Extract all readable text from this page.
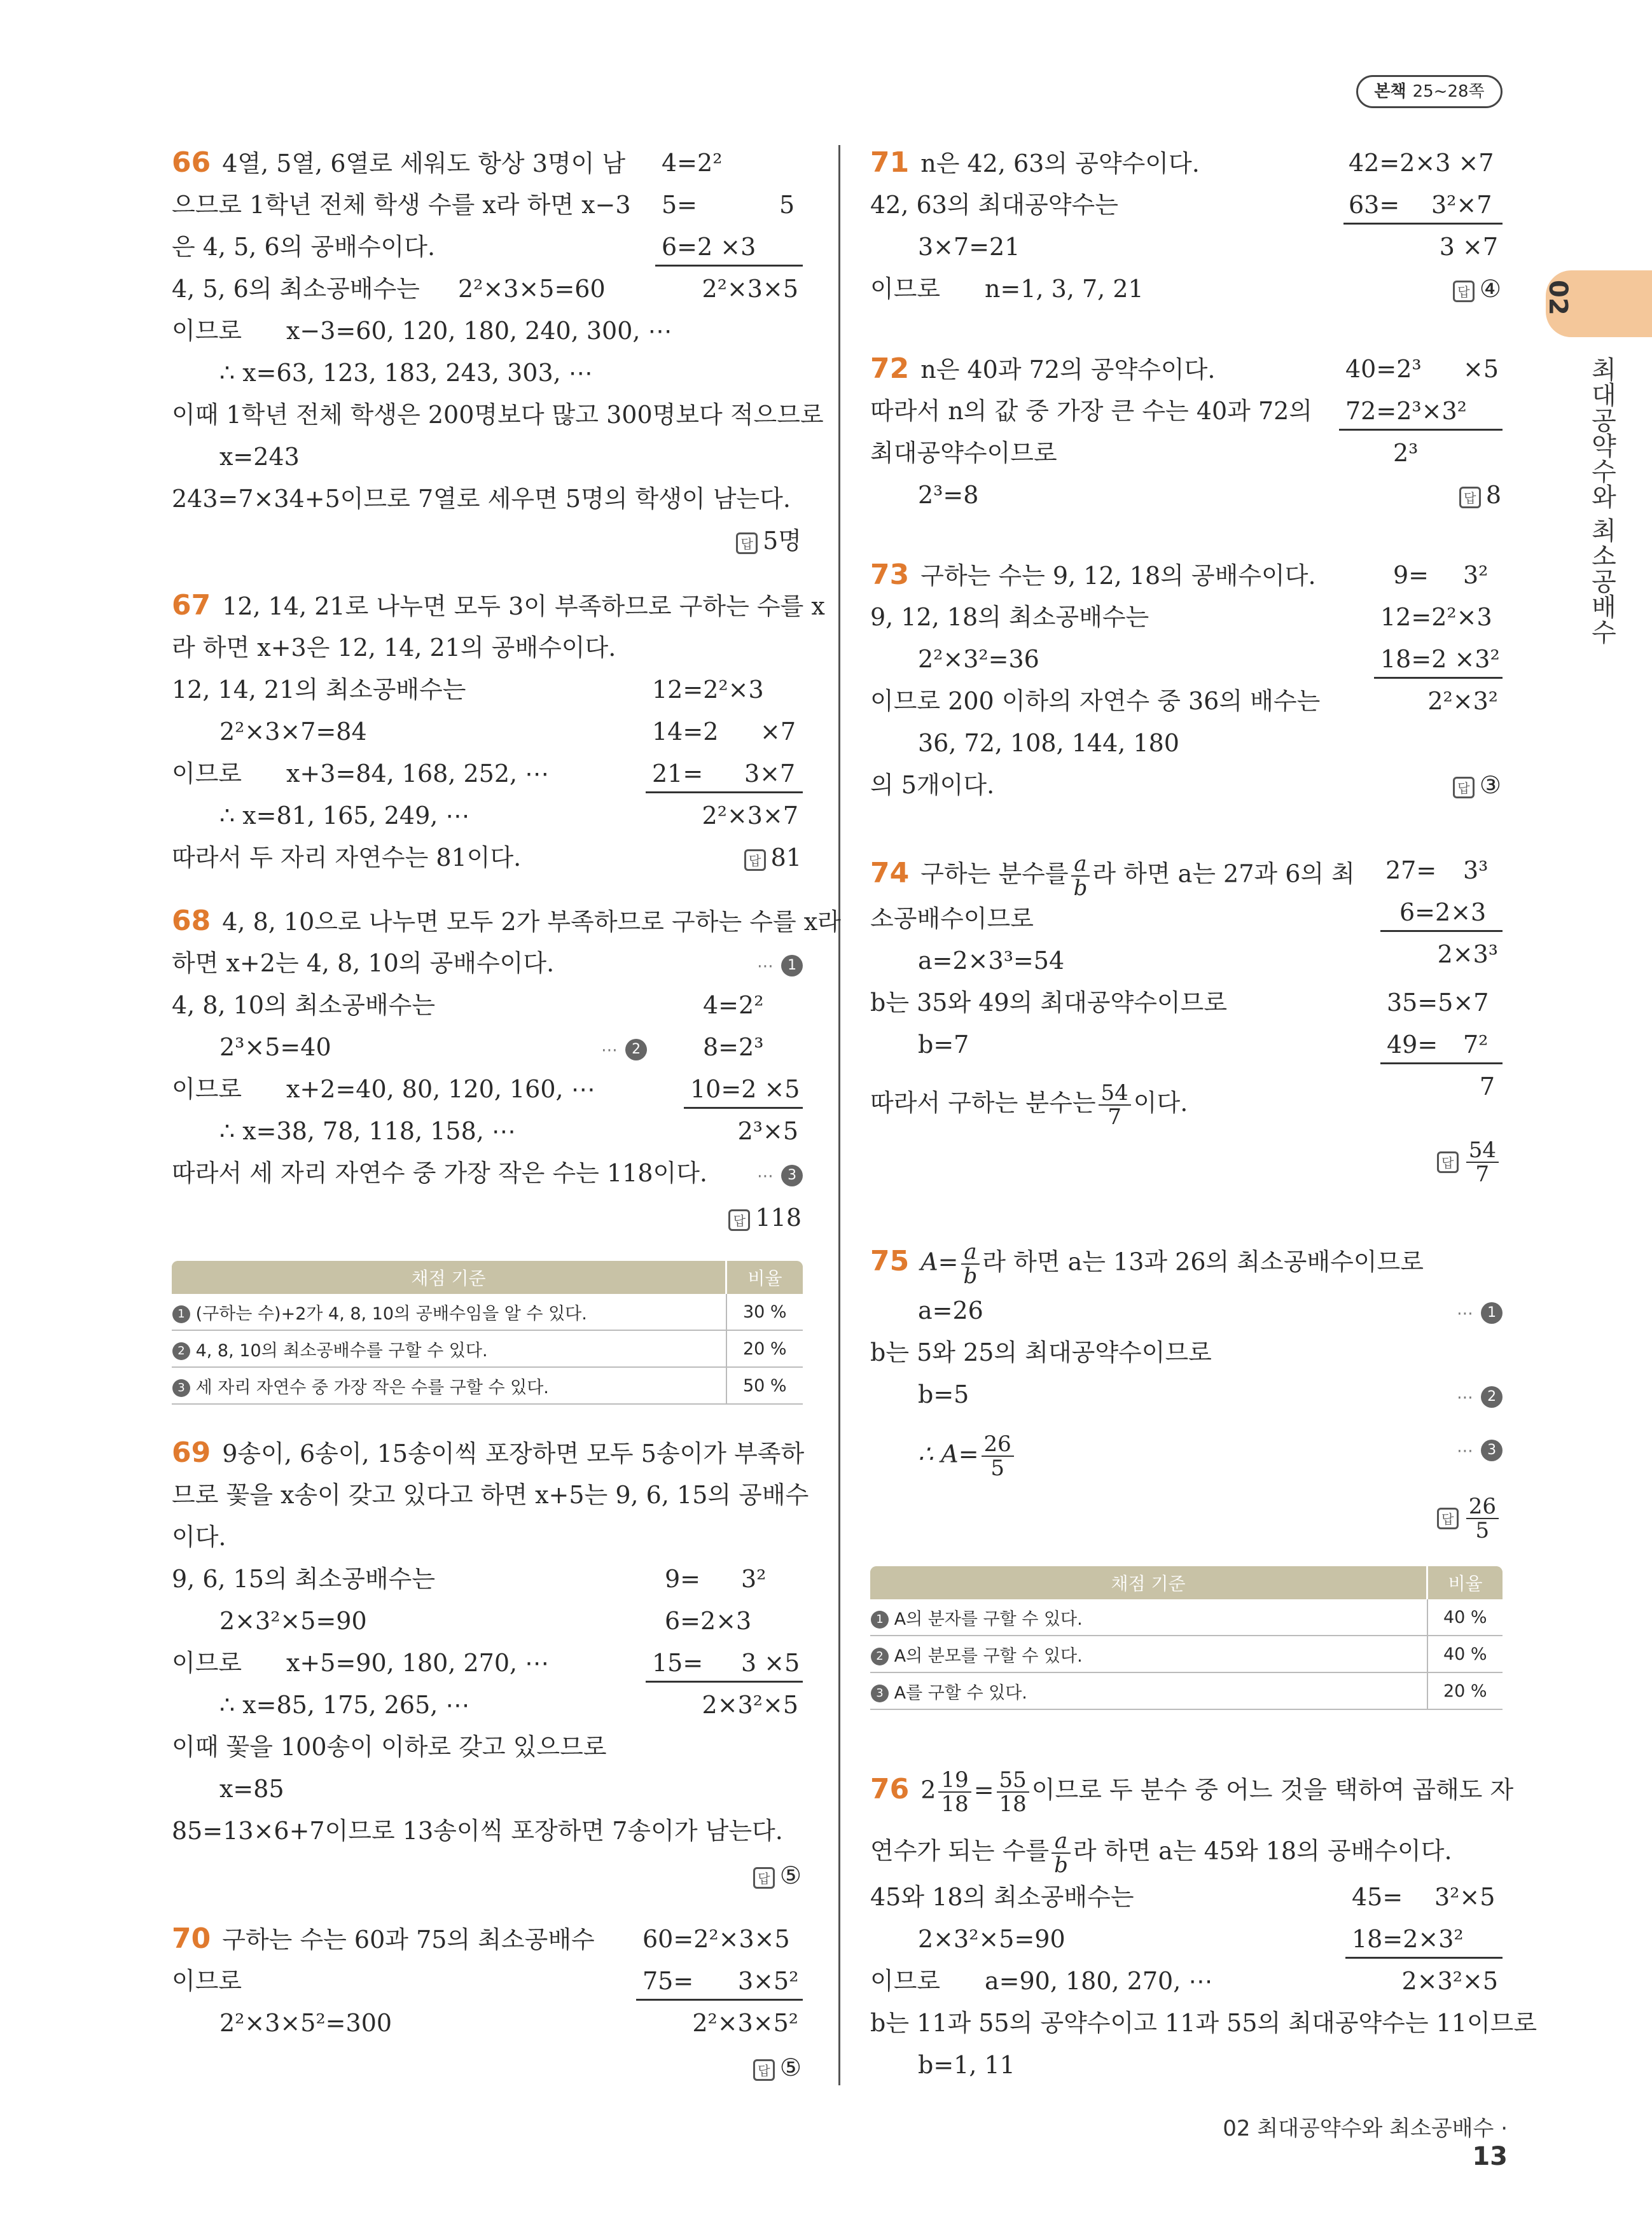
본책 25~28쪽
02
최대공약수와 최소공배수
66 4열, 5열, 6열로 세워도 항상 3명이 남
으므로 1학년 전체 학생 수를 x라 하면 x−3
은 4, 5, 6의 공배수이다.
4, 5, 6의 최소공배수는 2²×3×5=60
이므로 x−3=60, 120, 180, 240, 300, ⋯
∴ x=63, 123, 183, 243, 303, ⋯
이때 1학년 전체 학생은 200명보다 많고 300명보다 적으므로
x=243
243=7×34+5이므로 7열로 세우면 5명의 학생이 남는다.
4=2²
5=	5
6=2 ×3
2²×3×5
답 5명
67 12, 14, 21로 나누면 모두 3이 부족하므로 구하는 수를 x
라 하면 x+3은 12, 14, 21의 공배수이다.
12, 14, 21의 최소공배수는
2²×3×7=84
이므로 x+3=84, 168, 252, ⋯
∴ x=81, 165, 249, ⋯
따라서 두 자리 자연수는 81이다.
12=2²×3
14=2 ×7
21= 3×7
2²×3×7
답 81
68 4, 8, 10으로 나누면 모두 2가 부족하므로 구하는 수를 x라
하면 x+2는 4, 8, 10의 공배수이다.	⋯ 1
4, 8, 10의 최소공배수는
2³×5=40	⋯ 2
이므로 x+2=40, 80, 120, 160, ⋯
∴ x=38, 78, 118, 158, ⋯
따라서 세 자리 자연수 중 가장 작은 수는 118이다.	⋯ 3
4=2²
8=2³
10=2 ×5
2³×5
답 118
채점 기준	비율
1 (구하는 수)+2가 4, 8, 10의 공배수임을 알 수 있다.	30 %
2 4, 8, 10의 최소공배수를 구할 수 있다.	20 %
3 세 자리 자연수 중 가장 작은 수를 구할 수 있다.	50 %
69 9송이, 6송이, 15송이씩 포장하면 모두 5송이가 부족하
므로 꽃을 x송이 갖고 있다고 하면 x+5는 9, 6, 15의 공배수
이다.
9, 6, 15의 최소공배수는
2×3²×5=90
이므로 x+5=90, 180, 270, ⋯
∴ x=85, 175, 265, ⋯
이때 꽃을 100송이 이하로 갖고 있으므로
x=85
85=13×6+7이므로 13송이씩 포장하면 7송이가 남는다.
9= 3²
6=2×3
15= 3 ×5
2×3²×5
답 ⑤
70 구하는 수는 60과 75의 최소공배수
이므로
2²×3×5²=300
60=2²×3×5
75= 3×5²
2²×3×5²
답 ⑤
71 n은 42, 63의 공약수이다.
42, 63의 최대공약수는
3×7=21
이므로 n=1, 3, 7, 21
42=2×3 ×7
63= 3²×7
3 ×7
답 ④
72 n은 40과 72의 공약수이다.
따라서 n의 값 중 가장 큰 수는 40과 72의
최대공약수이므로
2³=8
40=2³ ×5
72=2³×3²
2³
답 8
73 구하는 수는 9, 12, 18의 공배수이다.
9, 12, 18의 최소공배수는
2²×3²=36
이므로 200 이하의 자연수 중 36의 배수는
36, 72, 108, 144, 180
의 5개이다.
9= 3²
12=2²×3
18=2 ×3²
2²×3²
답 ③
74 구하는 분수를 $\frac{a}{b}$ 라 하면 a는 27과 6의 최
소공배수이므로
a=2×3³=54
b는 35와 49의 최대공약수이므로
b=7
따라서 구하는 분수는 $\frac{54}{7}$ 이다.
27= 3³
6=2×3
2×3³
35=5×7
49= 7²
7
답 $\frac{54}{7}$
75 $A= \frac{a}{b}$ 라 하면 a는 13과 26의 최소공배수이므로
a=26	⋯ 1
b는 5와 25의 최대공약수이므로
b=5	⋯ 2
∴ $A= \frac{26}{5}$	⋯ 3
답 $\frac{26}{5}$
채점 기준	비율
1 A의 분자를 구할 수 있다.	40 %
2 A의 분모를 구할 수 있다.	40 %
3 A를 구할 수 있다.	20 %
76 $2 \frac{19}{18} = \frac{55}{18}$ 이므로 두 분수 중 어느 것을 택하여 곱해도 자
연수가 되는 수를 $\frac{a}{b}$ 라 하면 a는 45와 18의 공배수이다.
45와 18의 최소공배수는
2×3²×5=90
이므로 a=90, 180, 270, ⋯
b는 11과 55의 공약수이고 11과 55의 최대공약수는 11이므로
b=1, 11
45= 3²×5
18=2×3²
2×3²×5
02 최대공약수와 최소공배수 · 13
